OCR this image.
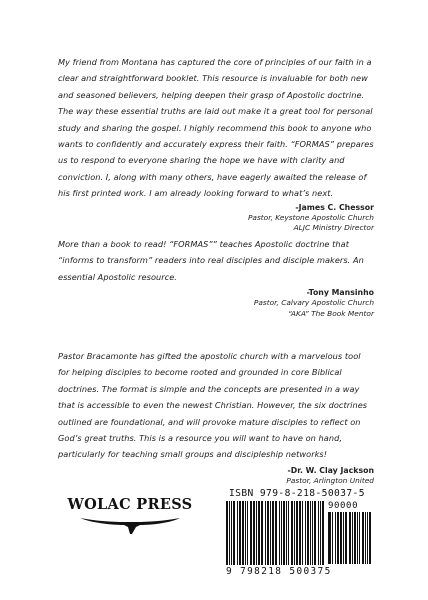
My friend from Montana has captured the core of principles of our faith in a clear and straightforward booklet. This resource is invaluable for both new and seasoned believers, helping deepen their grasp of Apostolic doctrine. The way these essential truths are laid out make it a great tool for personal study and sharing the gospel. I highly recommend this book to anyone who wants to confidently and accurately express their faith. “FORMAS” prepares us to respond to everyone sharing the hope we have with clarity and conviction. I, along with many others, have eagerly awaited the release of his first printed work. I am already looking forward to what’s next.

-James C. Chessor
Pastor, Keystone Apostolic Church
ALJC Ministry Director

More than a book to read! “FORMAS”” teaches Apostolic doctrine that “informs to transform” readers into real disciples and disciple makers. An essential Apostolic resource.

-Tony Mansinho
Pastor, Calvary Apostolic Church
“AKA” The Book Mentor

Pastor Bracamonte has gifted the apostolic church with a marvelous tool for helping disciples to become rooted and grounded in core Biblical doctrines. The format is simple and the concepts are presented in a way that is accessible to even the newest Christian. However, the six doctrines outlined are foundational, and will provoke mature disciples to reflect on God’s great truths. This is a resource you will want to have on hand, particularly for teaching small groups and discipleship networks!

-Dr. W. Clay Jackson
Pastor, Arlington United
WOLAC PRESS
ISBN 979-8-218-50037-5
90000
9 798218 500375
